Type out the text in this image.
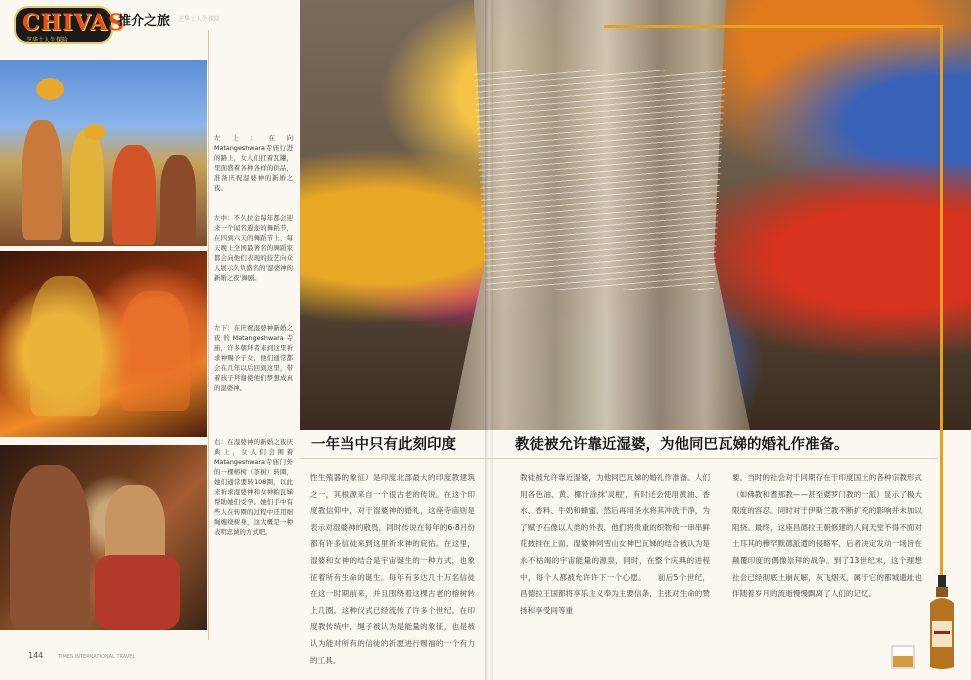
CHIVAS
芝华士人生探险
推介之旅 芝华士人生探险
左上：在向Matangeshwara寺庙行进的路上，女人们扛着瓦罐，里面盛着各种各样的供品，准备庆祝湿婆神的新婚之夜。
左中：不久拉金每年都会迎来一个闻名遐迩的舞蹈节，在四到六天的舞蹈节上，每天晚上全国最著名的舞蹈家都会向他们表现的技艺向众人展示久负盛名的'湿婆神的新婚之夜'舞剧。
左下：在庆祝湿婆神新婚之夜的Matangeshwara寺庙，许多朝拜者来到这里祈求神赐予子女，他们通常都会在几年以后回到这里，带着孩子拜谢使他们梦想成真的湿婆神。
右：在湿婆神的新婚之夜庆典上，女人们会围着Matangeshwara寺庙门外的一棵榕树（茶树）转圈，她们通常要转108圈，以此来祈求湿婆神和女神帕瓦娣帮助她们受孕。她们手中有些人在转圈的过程中还用细绳缠绕树身，这大概是一种表明忠诚的方式吧。
144	TIMES INTERNATIONAL TRAVEL
一年当中只有此刻印度	教徒被允许靠近湿婆，为他同巴瓦娣的婚礼作准备。
性生殖器的象征）是印度北部最大的印度教建筑之一，其根源来自一个很古老的传说。在这个印度教信仰中，对于湿婆神的婚礼，这座寺庙则是表示对湿婆神的敬畏，同时传说在每年的6-8月份都有许多信徒来到这里祈求神的庇佑。在这里，湿婆和女神的结合是宇宙诞生的一种方式，也象征着所有生命的诞生。每年有多达几十万名信徒在这一时期前来，并且围绕着这棵古老的榕树转上几圈。这种仪式已经流传了许多个世纪。在印度教传统中，绳子被认为是能量的象征，也是被认为能对所有的信徒的祈愿进行赐福的一个有力的工具。
教徒被允许靠近湿婆，为他同巴瓦娣的婚礼作准备。人们用各色油、黄、椰汁涂抹'灵根'，有时还会使用黄油、香水、香料、牛奶和蜂蜜，然后再用圣水将其冲洗干净，为了赋予石像以人类的外表，他们将贵重的织物和一串串鲜花披挂在上面。湿婆神同雪山女神巴瓦娣的结合被认为是永不枯竭的宇宙能量的源泉，同时，在整个庆典的进程中，每个人都被允许许下一个心愿。　　前后5个世纪，昌德拉王国都将享乐主义奉为主要信条，主张对生命的赞扬和享受同等重
要。当时的社会对于同期存在于印度国土的各种宗教形式（如佛教和耆那教——甚至婆罗门教的一派）显示了极大限度的容忍。同时对于伊斯兰教不断扩充的影响并未加以阻挠。最终，这座昌德拉王朝修建的人间天堂不得不面对土耳其的穆罕默德派遣的侵略军，后者决定发动一场旨在颠覆印度的偶像崇拜的战争。到了13世纪末，这个理想社会已经彻底土崩瓦解，灰飞烟灭，属于它的都城遗址也伴随着岁月的流逝慢慢飘离了人们的记忆。
